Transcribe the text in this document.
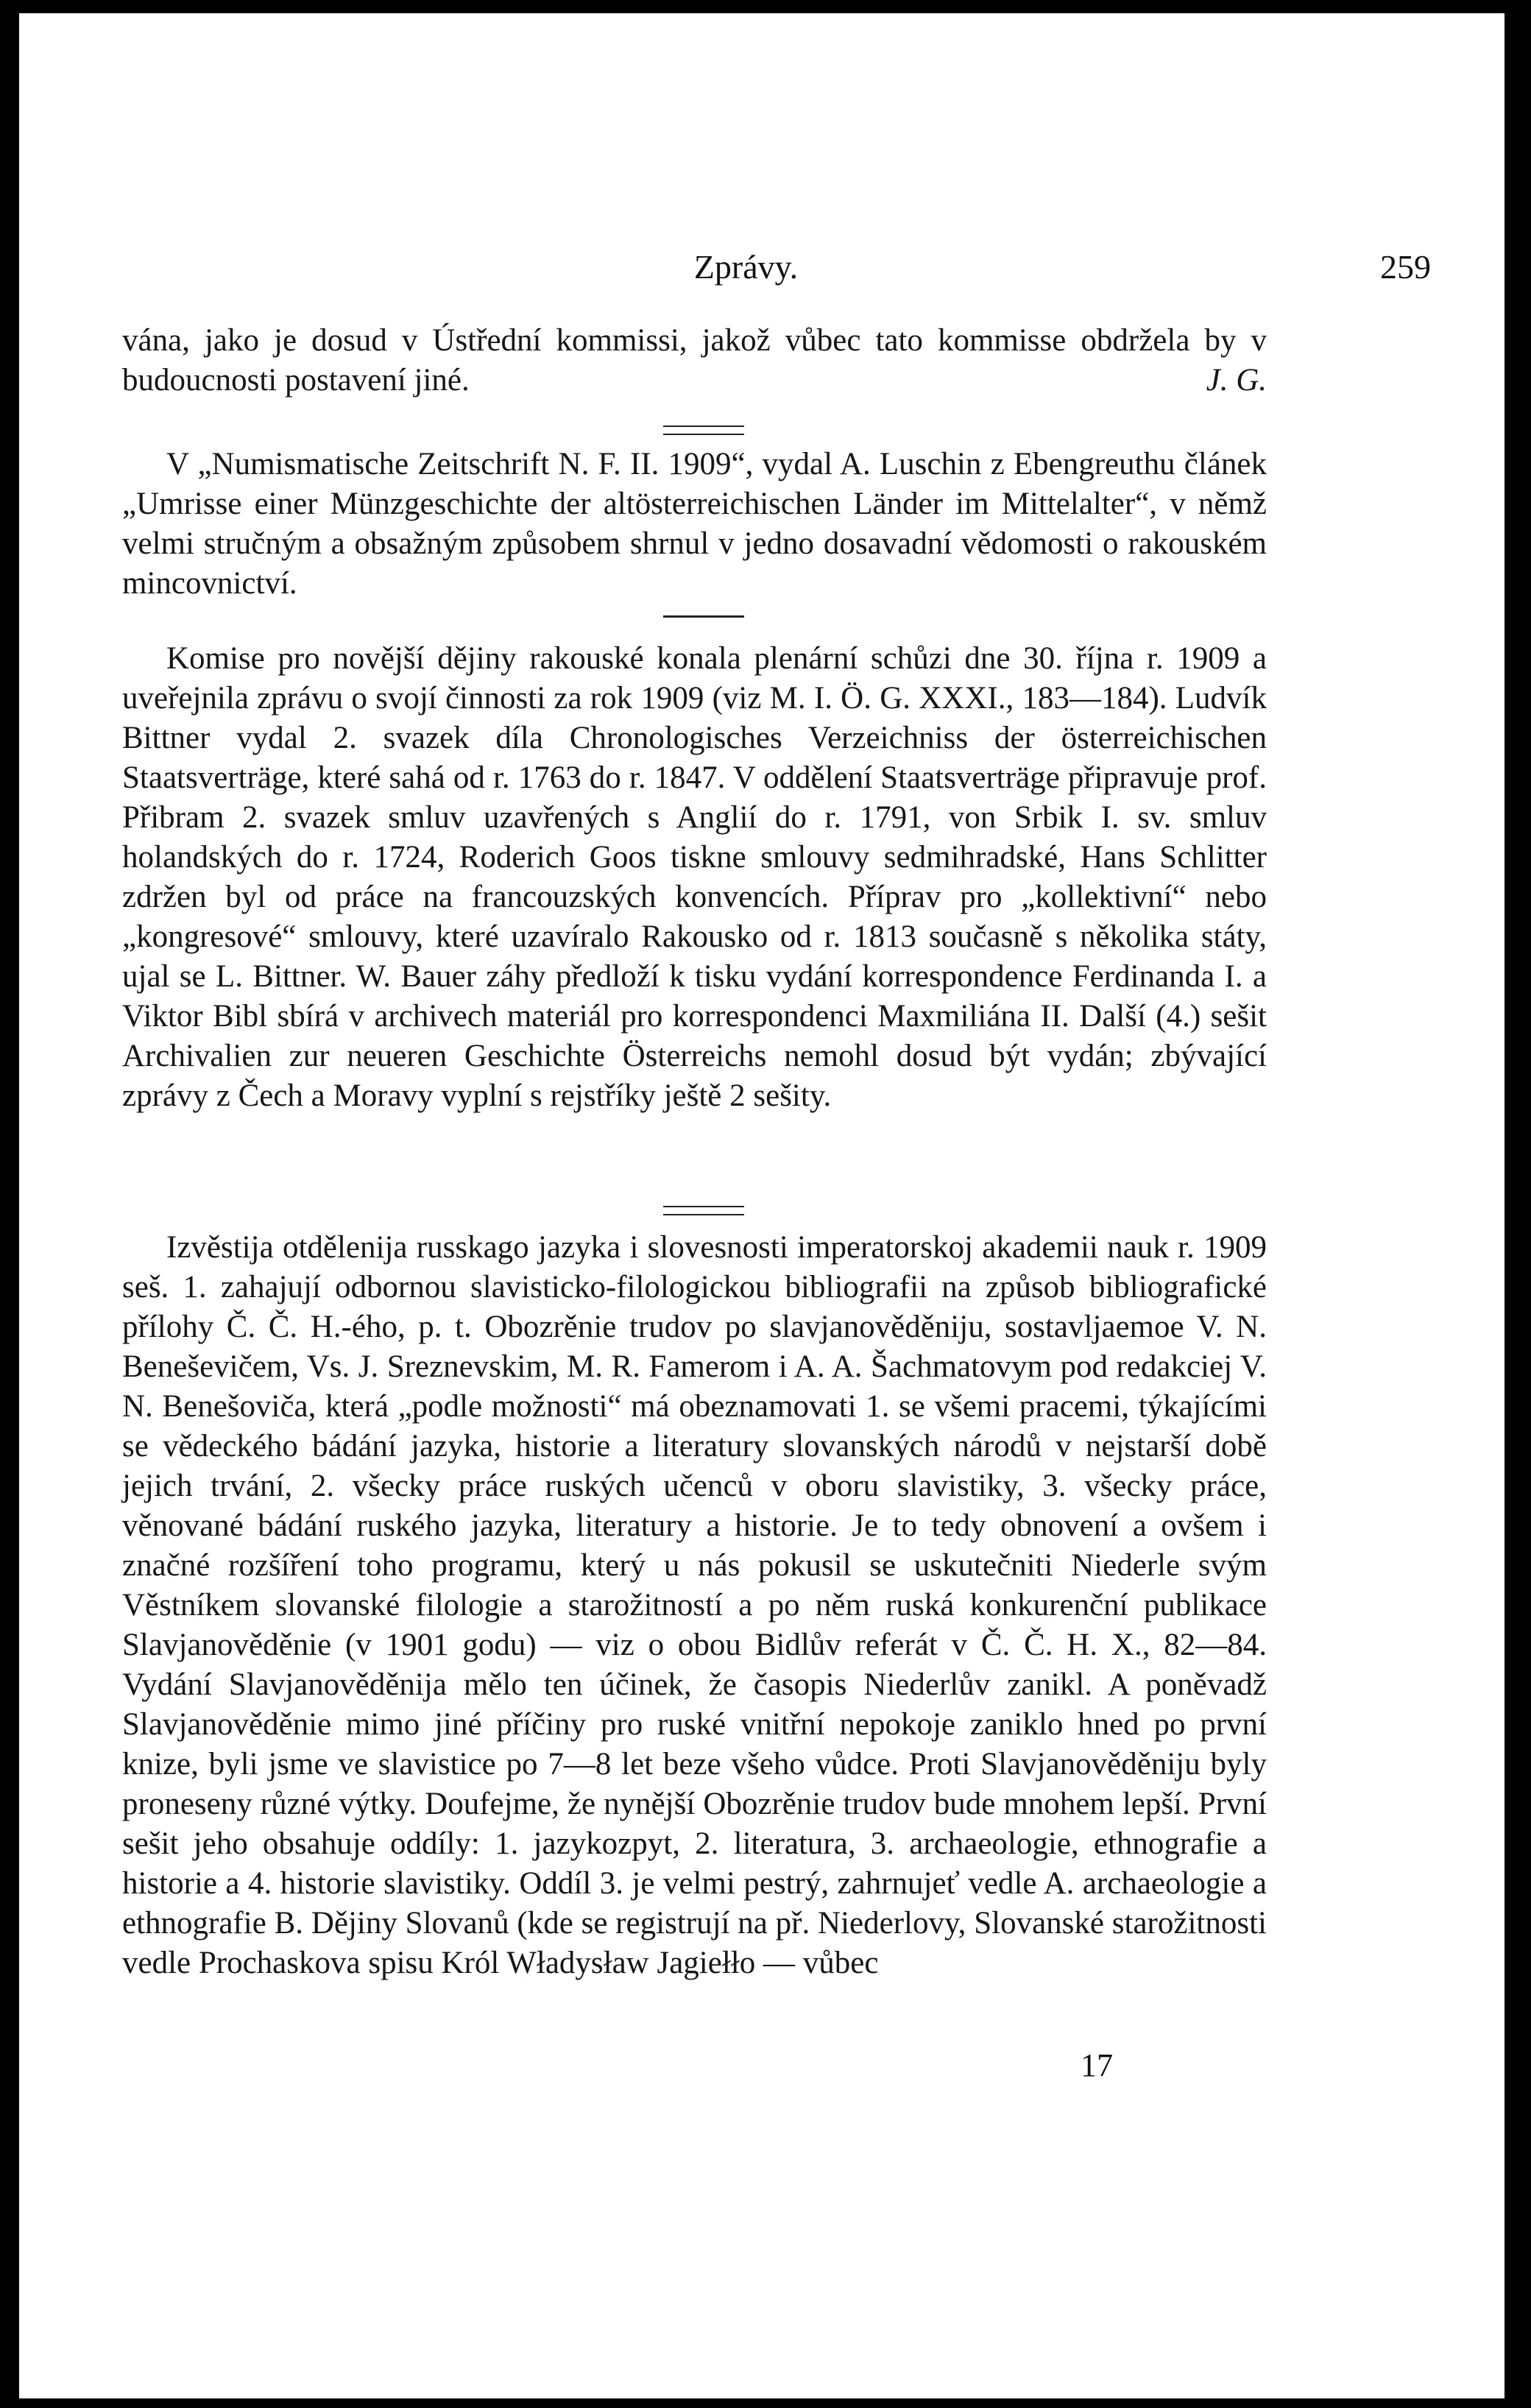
Zprávy.	259

vána, jako je dosud v Ústřední kommissi, jakož vůbec tato kommisse obdržela by v budoucnosti postavení jiné.	J. G.

V „Numismatische Zeitschrift N. F. II. 1909“, vydal A. Luschin z Ebengreuthu článek „Umrisse einer Münzgeschichte der altösterreichischen Länder im Mittelalter“, v němž velmi stručným a obsažným způsobem shrnul v jedno dosavadní vědomosti o rakouském mincovnictví.

Komise pro novější dějiny rakouské konala plenární schůzi dne 30. října r. 1909 a uveřejnila zprávu o svojí činnosti za rok 1909 (viz M. I. Ö. G. XXXI., 183—184). Ludvík Bittner vydal 2. svazek díla Chronologisches Verzeichniss der österreichischen Staatsverträge, které sahá od r. 1763 do r. 1847. V oddělení Staatsverträge připravuje prof. Přibram 2. svazek smluv uzavřených s Anglií do r. 1791, von Srbik I. sv. smluv holandských do r. 1724, Roderich Goos tiskne smlouvy sedmihradské, Hans Schlitter zdržen byl od práce na francouzských konvencích. Příprav pro „kollektivní“ nebo „kongresové“ smlouvy, které uzavíralo Rakousko od r. 1813 současně s několika státy, ujal se L. Bittner. W. Bauer záhy předloží k tisku vydání korrespondence Ferdinanda I. a Viktor Bibl sbírá v archivech materiál pro korrespondenci Maxmiliána II. Další (4.) sešit Archivalien zur neueren Geschichte Österreichs nemohl dosud být vydán; zbývající zprávy z Čech a Moravy vyplní s rejstříky ještě 2 sešity.

Izvěstija otdělenija russkago jazyka i slovesnosti imperatorskoj akademii nauk r. 1909 seš. 1. zahajují odbornou slavisticko-filologickou bibliografii na způsob bibliografické přílohy Č. Č. H.-ého, p. t. Obozrěnie trudov po slavjanověděniju, sostavljaemoe V. N. Beneševičem, Vs. J. Sreznevskim, M. R. Famerom i A. A. Šachmatovym pod redakciej V. N. Benešoviča, která „podle možnosti“ má obeznamovati 1. se všemi pracemi, týkajícími se vědeckého bádání jazyka, historie a literatury slovanských národů v nejstarší době jejich trvání, 2. všecky práce ruských učenců v oboru slavistiky, 3. všecky práce, věnované bádání ruského jazyka, literatury a historie. Je to tedy obnovení a ovšem i značné rozšíření toho programu, který u nás pokusil se uskutečniti Niederle svým Věstníkem slovanské filologie a starožitností a po něm ruská konkurenční publikace Slavjanověděnie (v 1901 godu) — viz o obou Bidlův referát v Č. Č. H. X., 82—84. Vydání Slavjanověděnija mělo ten účinek, že časopis Niederlův zanikl. A poněvadž Slavjanověděnie mimo jiné příčiny pro ruské vnitřní nepokoje zaniklo hned po první knize, byli jsme ve slavistice po 7—8 let beze všeho vůdce. Proti Slavjanověděniju byly proneseny různé výtky. Doufejme, že nynější Obozrěnie trudov bude mnohem lepší. První sešit jeho obsahuje oddíly: 1. jazykozpyt, 2. literatura, 3. archaeologie, ethnografie a historie a 4. historie slavistiky. Oddíl 3. je velmi pestrý, zahrnujeť vedle A. archaeologie a ethnografie B. Dějiny Slovanů (kde se registrují na př. Niederlovy, Slovanské starožitnosti vedle Prochaskova spisu Król Władysław Jagiełło — vůbec

17
